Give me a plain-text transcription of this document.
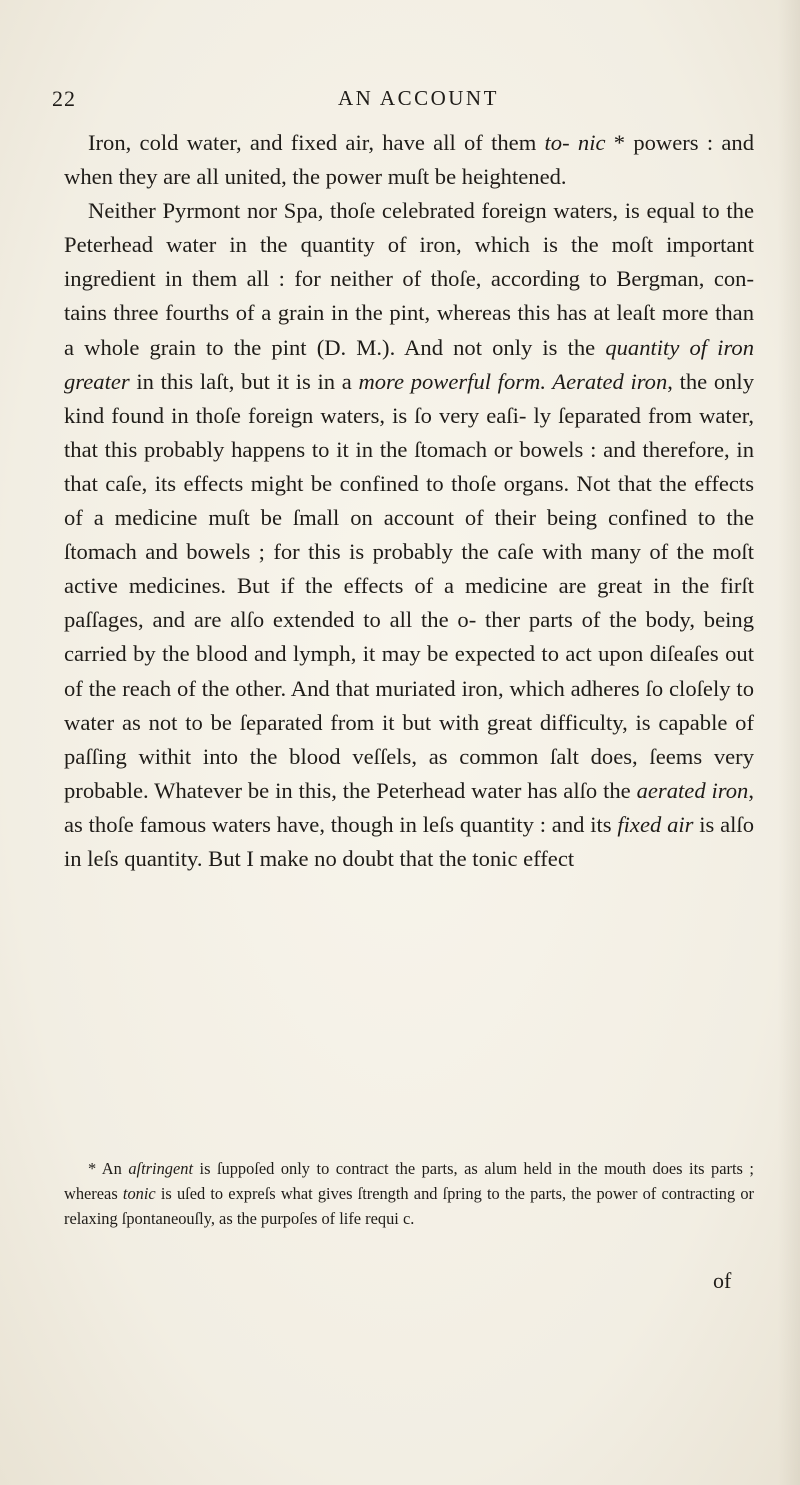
22	AN ACCOUNT

Iron, cold water, and fixed air, have all of them to- nic * powers : and when they are all united, the power muſt be heightened.

Neither Pyrmont nor Spa, thoſe celebrated foreign waters, is equal to the Peterhead water in the quantity of iron, which is the moſt important ingredient in them all : for neither of thoſe, according to Bergman, con- tains three fourths of a grain in the pint, whereas this has at leaſt more than a whole grain to the pint (D. M.). And not only is the quantity of iron greater in this laſt, but it is in a more powerful form. Aerated iron, the only kind found in thoſe foreign waters, is ſo very eaſi- ly ſeparated from water, that this probably happens to it in the ſtomach or bowels : and therefore, in that caſe, its effects might be confined to thoſe organs. Not that the effects of a medicine muſt be ſmall on account of their being confined to the ſtomach and bowels ; for this is probably the caſe with many of the moſt active medicines. But if the effects of a medicine are great in the firſt paſſages, and are alſo extended to all the o- ther parts of the body, being carried by the blood and lymph, it may be expected to act upon diſeaſes out of the reach of the other. And that muriated iron, which adheres ſo cloſely to water as not to be ſeparated from it but with great difficulty, is capable of paſſing withit into the blood veſſels, as common ſalt does, ſeems very probable. Whatever be in this, the Peterhead water has alſo the aerated iron, as thoſe famous waters have, though in leſs quantity : and its fixed air is alſo in leſs quantity. But I make no doubt that the tonic effect

* An aſtringent is ſuppoſed only to contract the parts, as alum held in the mouth does its parts ; whereas tonic is uſed to expreſs what gives ſtrength and ſpring to the parts, the power of contracting or relaxing ſpontaneouſly, as the purpoſes of life requi c.

of
